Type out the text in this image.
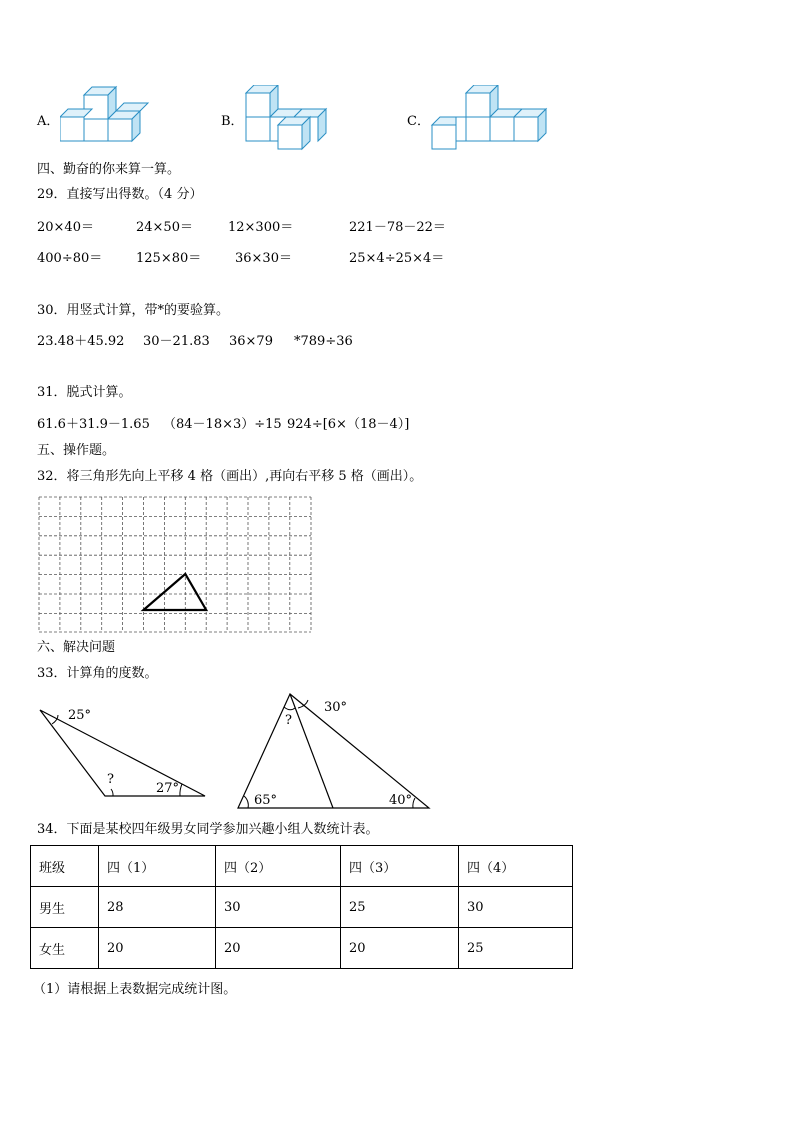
A．	B．	C．
四、勤奋的你来算一算。
29．直接写出得数。（4 分）
20×40＝	24×50＝	12×300＝	221－78－22＝
400÷80＝	125×80＝	36×30＝	25×4÷25×4＝
30．用竖式计算，带*的要验算。
23.48＋45.92 30－21.83 36×79 *789÷36
31．脱式计算。
61.6＋31.9－1.65 （84－18×3）÷15 924÷[6×（18－4）]
五、操作题。
32．将三角形先向上平移 4 格（画出）,再向右平移 5 格（画出）。
六、解决问题
33．计算角的度数。
25°
?
27°
30°
?
65°	40°
34．下面是某校四年级男女同学参加兴趣小组人数统计表。
班级	四（1）	四（2）	四（3）	四（4）
男生	28	30	25	30
女生	20	20	20	25
（1）请根据上表数据完成统计图。
